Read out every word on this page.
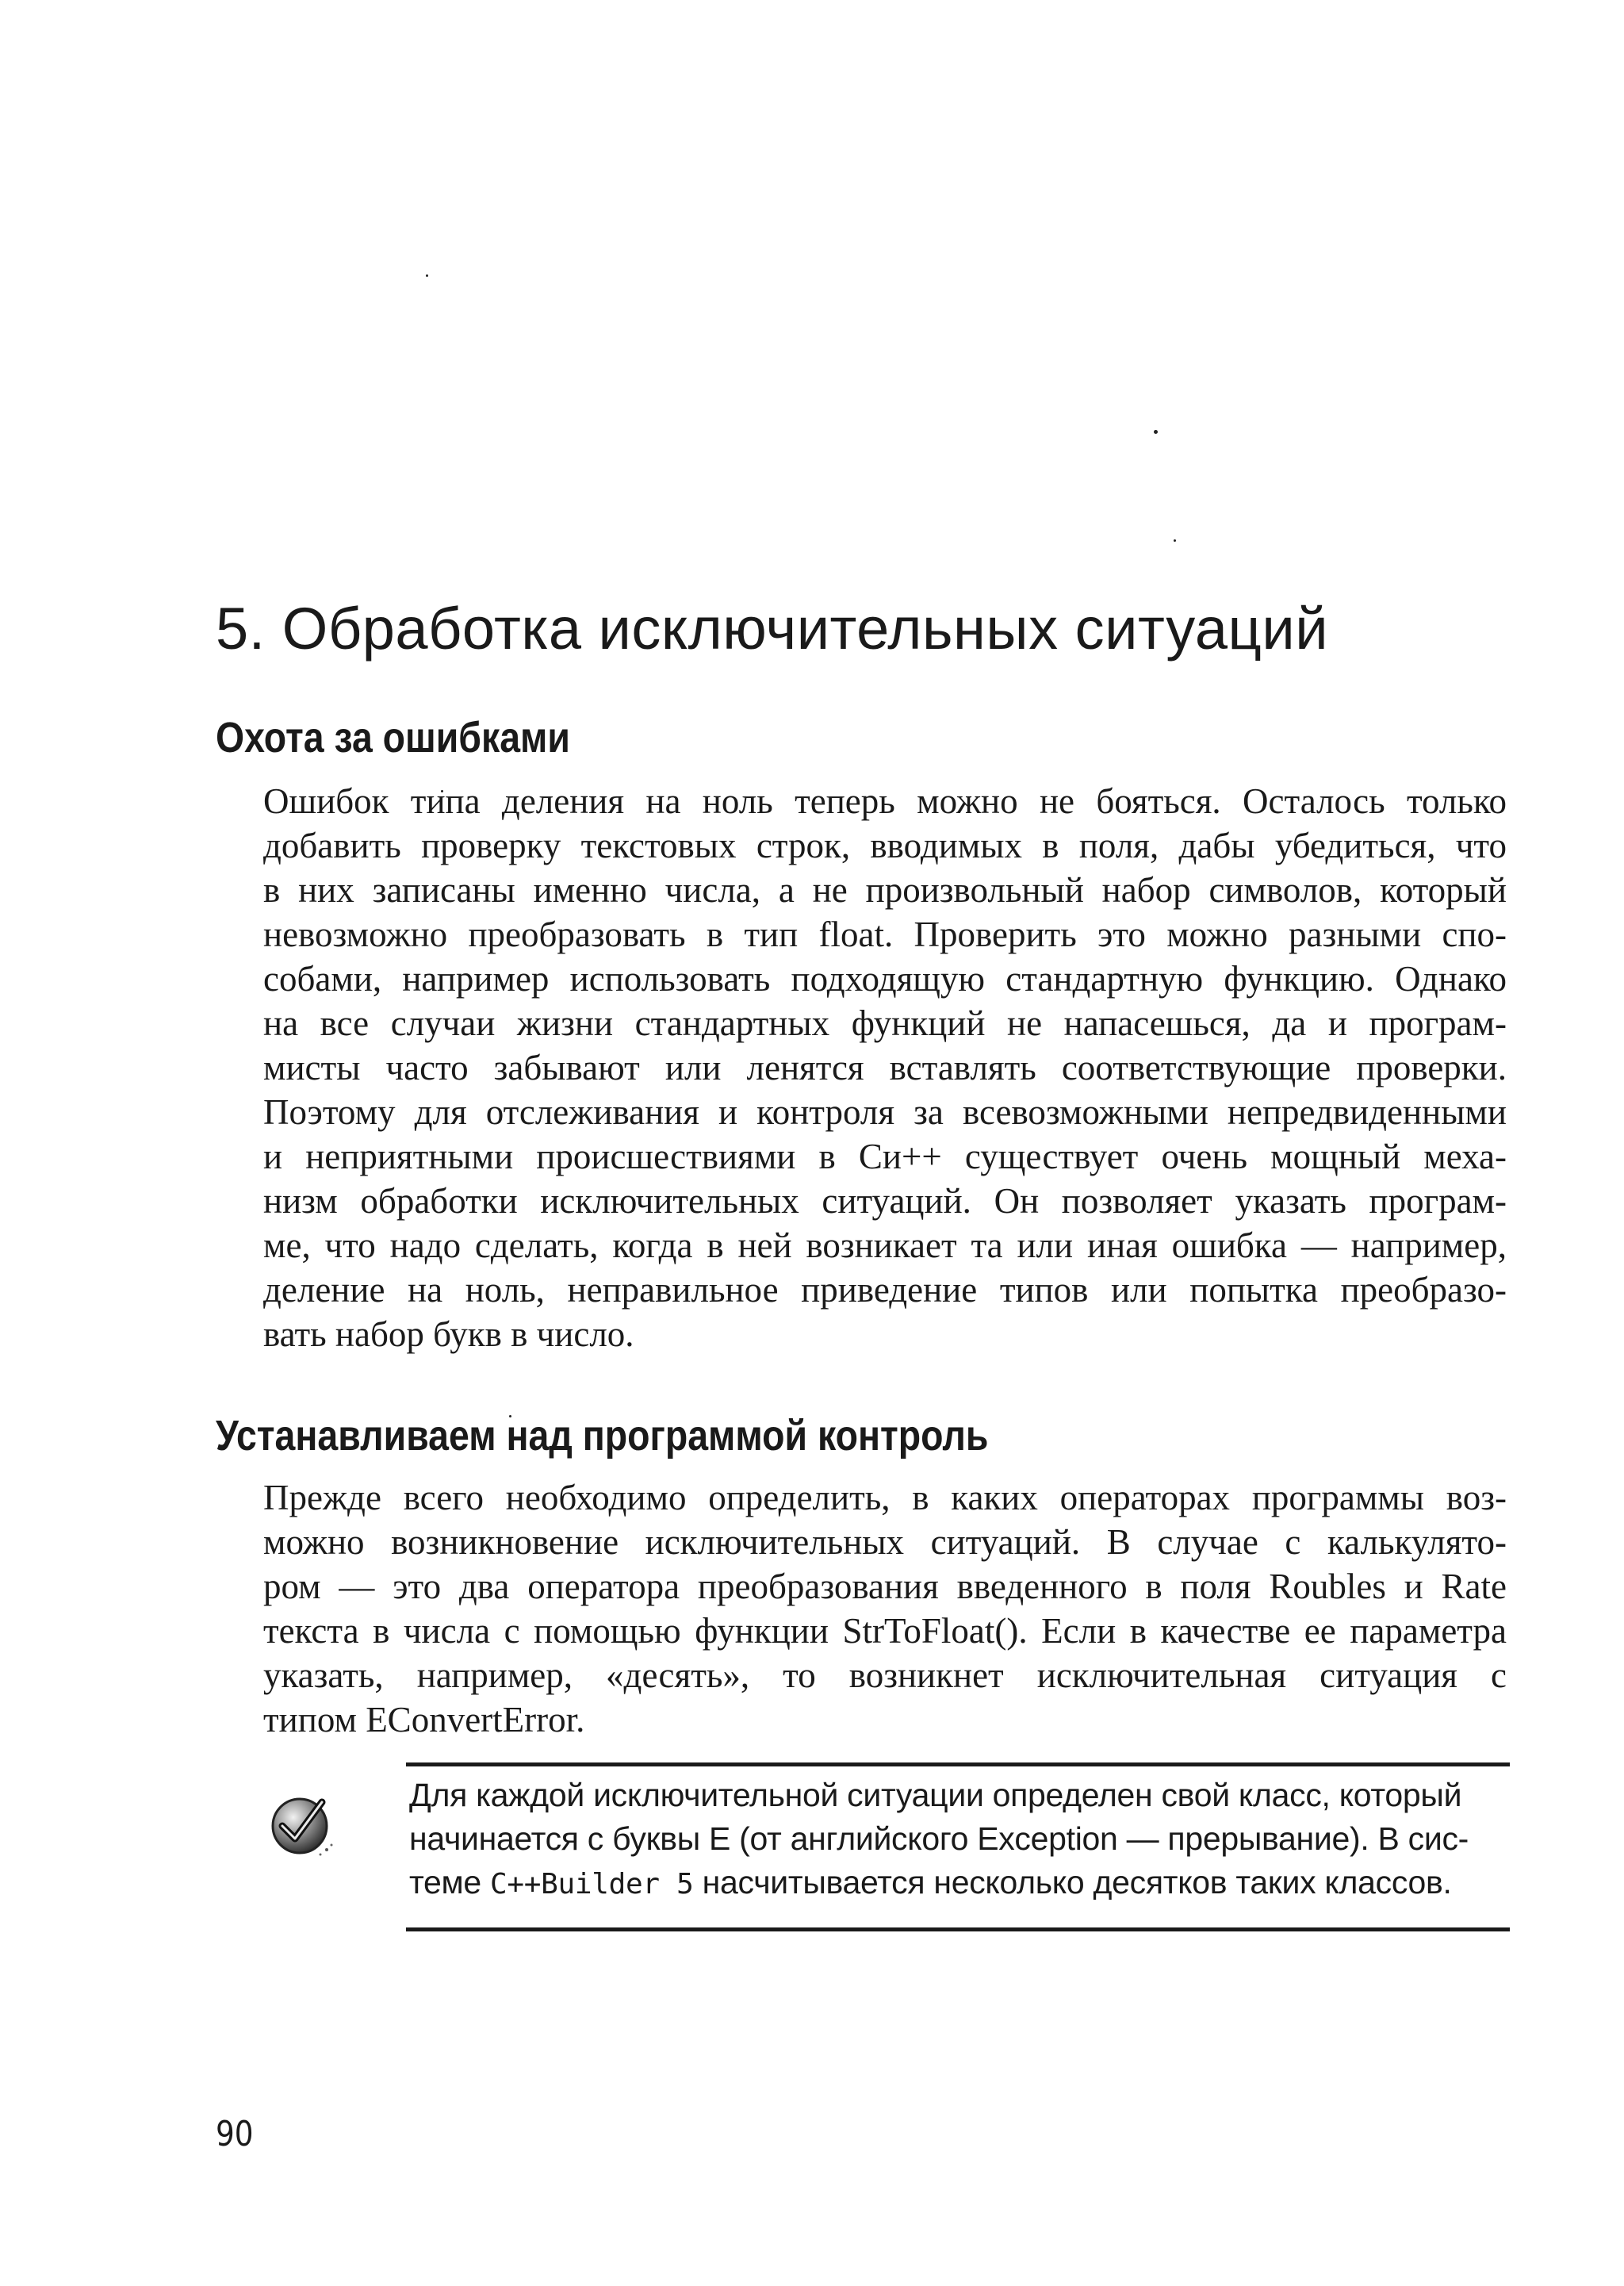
5. Обработка исключительных ситуаций
Охота за ошибками
Ошибок типа деления на ноль теперь можно не бояться. Осталось только
добавить проверку текстовых строк, вводимых в поля, дабы убедиться, что
в них записаны именно числа, а не произвольный набор символов, который
невозможно преобразовать в тип float. Проверить это можно разными спо-
собами, например использовать подходящую стандартную функцию. Однако
на все случаи жизни стандартных функций не напасешься, да и програм-
мисты часто забывают или ленятся вставлять соответствующие проверки.
Поэтому для отслеживания и контроля за всевозможными непредвиденными
и неприятными происшествиями в Си++ существует очень мощный меха-
низм обработки исключительных ситуаций. Он позволяет указать програм-
ме, что надо сделать, когда в ней возникает та или иная ошибка — например,
деление на ноль, неправильное приведение типов или попытка преобразо-
вать набор букв в число.
Устанавливаем над программой контроль
Прежде всего необходимо определить, в каких операторах программы воз-
можно возникновение исключительных ситуаций. В случае с калькулято-
ром — это два оператора преобразования введенного в поля Roubles и Rate
текста в числа с помощью функции StrToFloat(). Если в качестве ее параметра
указать, например, «десять», то возникнет исключительная ситуация с
типом EConvertError.
Для каждой исключительной ситуации определен свой класс, который
начинается с буквы E (от английского Exception — прерывание). В сис-
теме C++Builder 5 насчитывается несколько десятков таких классов.

90
